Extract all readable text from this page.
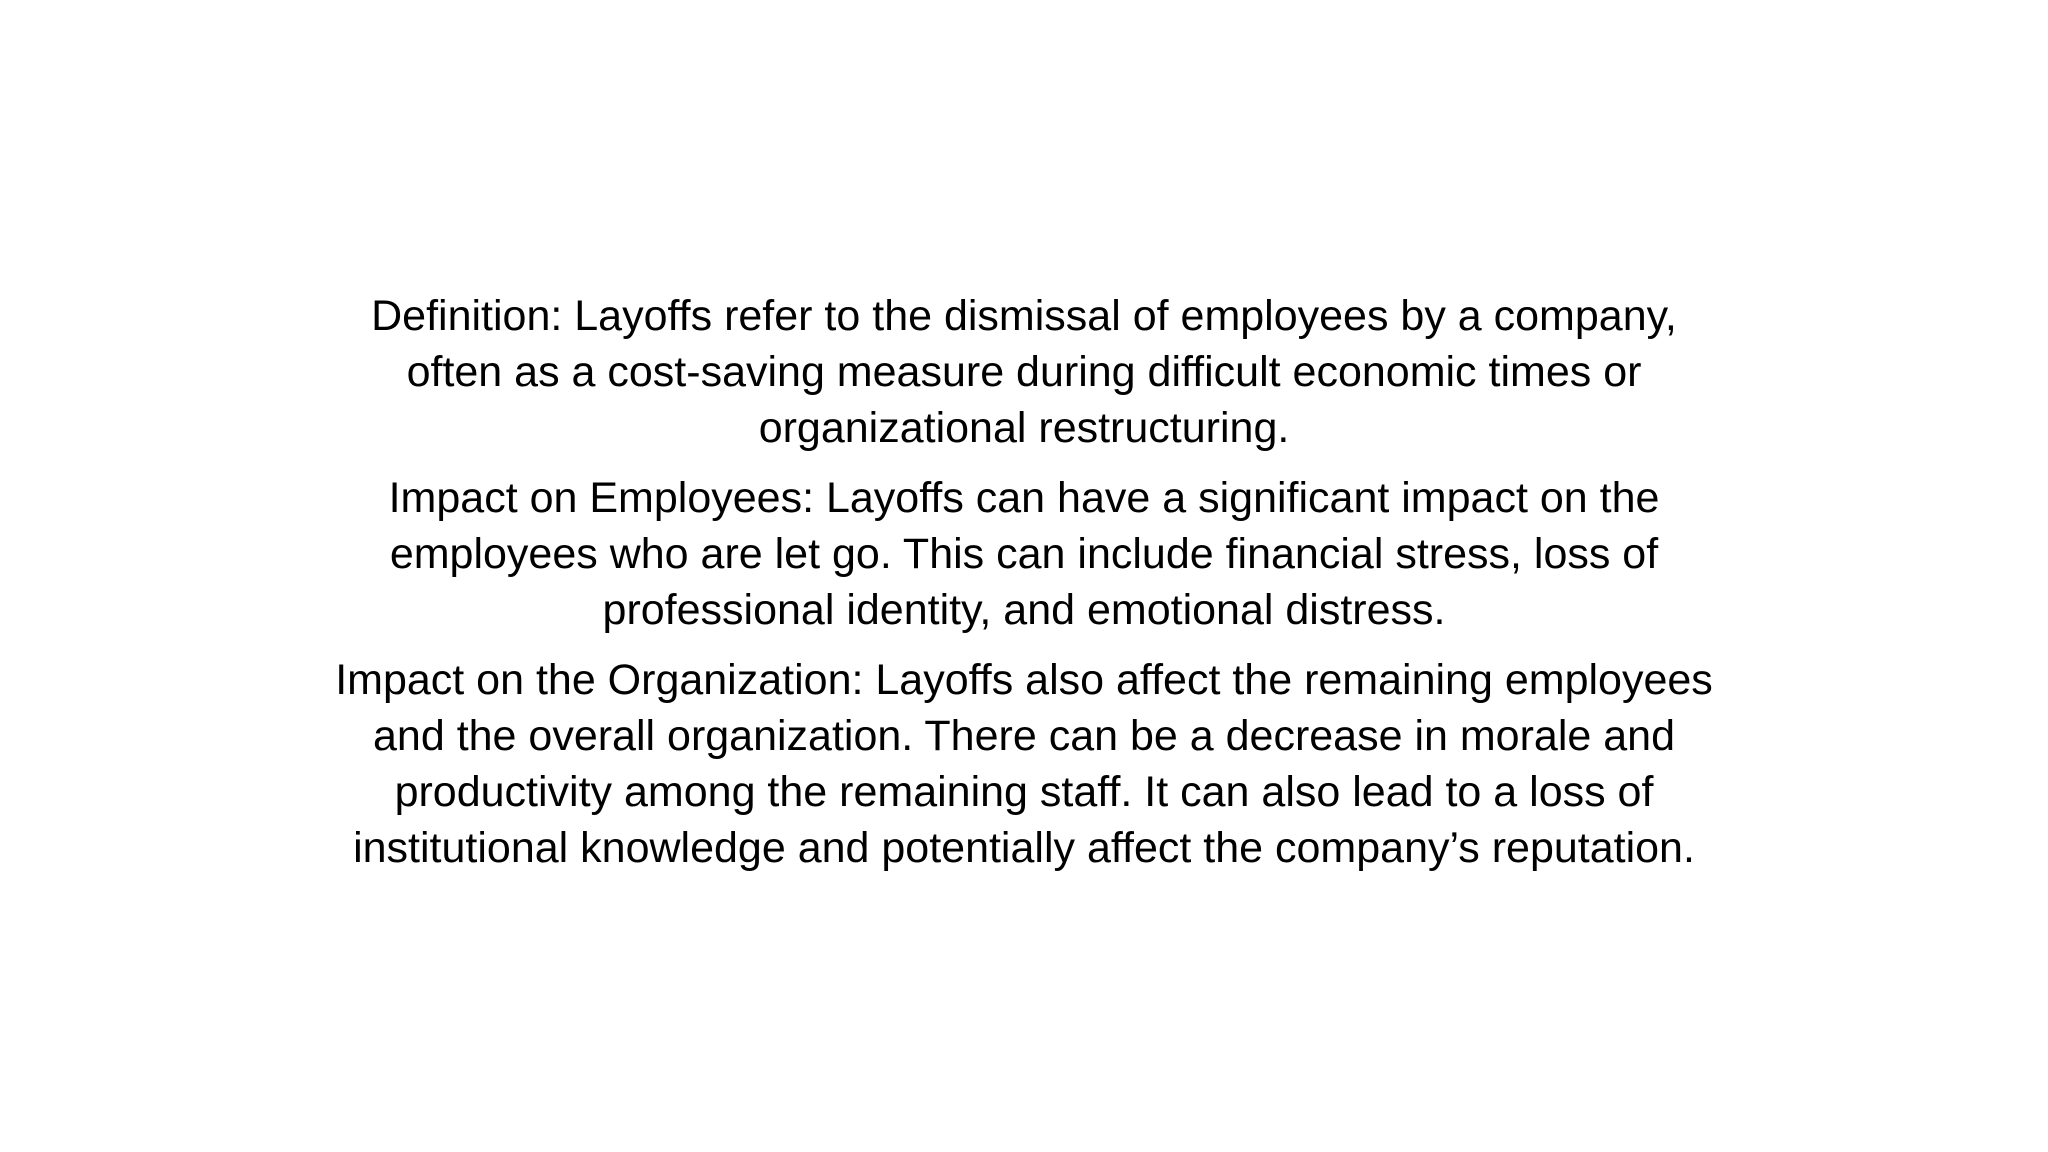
Definition: Layoffs refer to the dismissal of employees by a company,
often as a cost-saving measure during difficult economic times or
organizational restructuring.
Impact on Employees: Layoffs can have a significant impact on the
employees who are let go. This can include financial stress, loss of
professional identity, and emotional distress.
Impact on the Organization: Layoffs also affect the remaining employees
and the overall organization. There can be a decrease in morale and
productivity among the remaining staff. It can also lead to a loss of
institutional knowledge and potentially affect the company’s reputation.
